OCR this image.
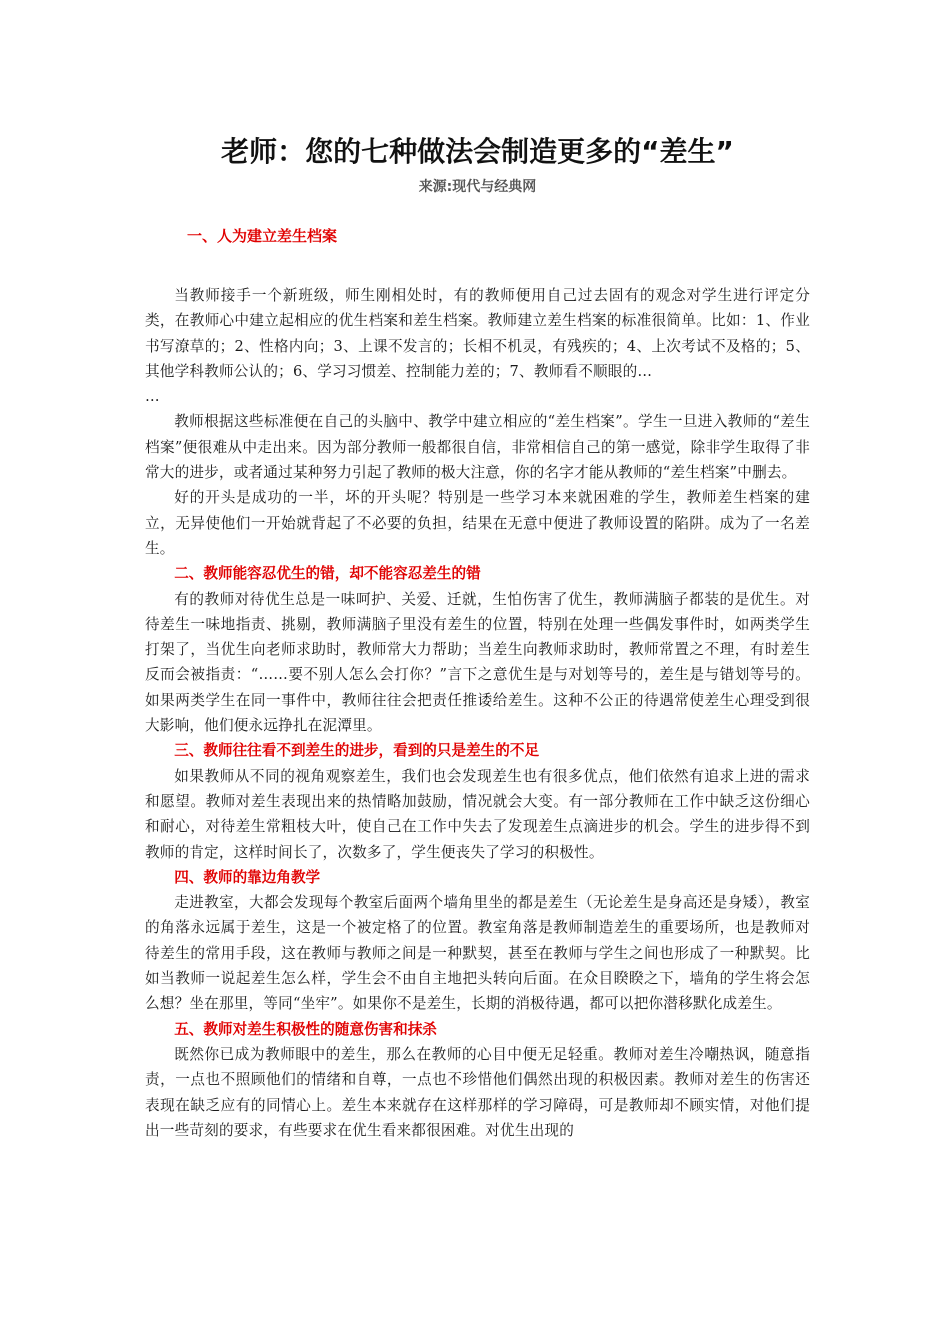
老师：您的七种做法会制造更多的“差生”
来源:现代与经典网
一、人为建立差生档案

当教师接手一个新班级，师生刚相处时，有的教师便用自己过去固有的观念对学生进行评定分类，在教师心中建立起相应的优生档案和差生档案。教师建立差生档案的标准很简单。比如：1、作业书写潦草的；2、性格内向；3、上课不发言的；长相不机灵，有残疾的；4、上次考试不及格的；5、其他学科教师公认的；6、学习习惯差、控制能力差的；7、教师看不顺眼的…

…

教师根据这些标准便在自己的头脑中、教学中建立相应的“差生档案”。学生一旦进入教师的“差生档案”便很难从中走出来。因为部分教师一般都很自信，非常相信自己的第一感觉，除非学生取得了非常大的进步，或者通过某种努力引起了教师的极大注意，你的名字才能从教师的“差生档案”中删去。

好的开头是成功的一半，坏的开头呢？特别是一些学习本来就困难的学生，教师差生档案的建立，无异使他们一开始就背起了不必要的负担，结果在无意中便进了教师设置的陷阱。成为了一名差生。

二、教师能容忍优生的错，却不能容忍差生的错

有的教师对待优生总是一味呵护、关爱、迁就，生怕伤害了优生，教师满脑子都装的是优生。对待差生一味地指责、挑剔，教师满脑子里没有差生的位置，特别在处理一些偶发事件时，如两类学生打架了，当优生向老师求助时，教师常大力帮助；当差生向教师求助时，教师常置之不理，有时差生反而会被指责：“……要不别人怎么会打你？”言下之意优生是与对划等号的，差生是与错划等号的。如果两类学生在同一事件中，教师往往会把责任推诿给差生。这种不公正的待遇常使差生心理受到很大影响，他们便永远挣扎在泥潭里。

三、教师往往看不到差生的进步，看到的只是差生的不足

如果教师从不同的视角观察差生，我们也会发现差生也有很多优点，他们依然有追求上进的需求和愿望。教师对差生表现出来的热情略加鼓励，情况就会大变。有一部分教师在工作中缺乏这份细心和耐心，对待差生常粗枝大叶，使自己在工作中失去了发现差生点滴进步的机会。学生的进步得不到教师的肯定，这样时间长了，次数多了，学生便丧失了学习的积极性。

四、教师的靠边角教学

走进教室，大都会发现每个教室后面两个墙角里坐的都是差生（无论差生是身高还是身矮），教室的角落永远属于差生，这是一个被定格了的位置。教室角落是教师制造差生的重要场所，也是教师对待差生的常用手段，这在教师与教师之间是一种默契，甚至在教师与学生之间也形成了一种默契。比如当教师一说起差生怎么样，学生会不由自主地把头转向后面。在众目睽睽之下，墙角的学生将会怎么想？坐在那里，等同“坐牢”。如果你不是差生，长期的消极待遇，都可以把你潜移默化成差生。

五、教师对差生积极性的随意伤害和抹杀

既然你已成为教师眼中的差生，那么在教师的心目中便无足轻重。教师对差生冷嘲热讽，随意指责，一点也不照顾他们的情绪和自尊，一点也不珍惜他们偶然出现的积极因素。教师对差生的伤害还表现在缺乏应有的同情心上。差生本来就存在这样那样的学习障碍，可是教师却不顾实情，对他们提出一些苛刻的要求，有些要求在优生看来都很困难。对优生出现的
